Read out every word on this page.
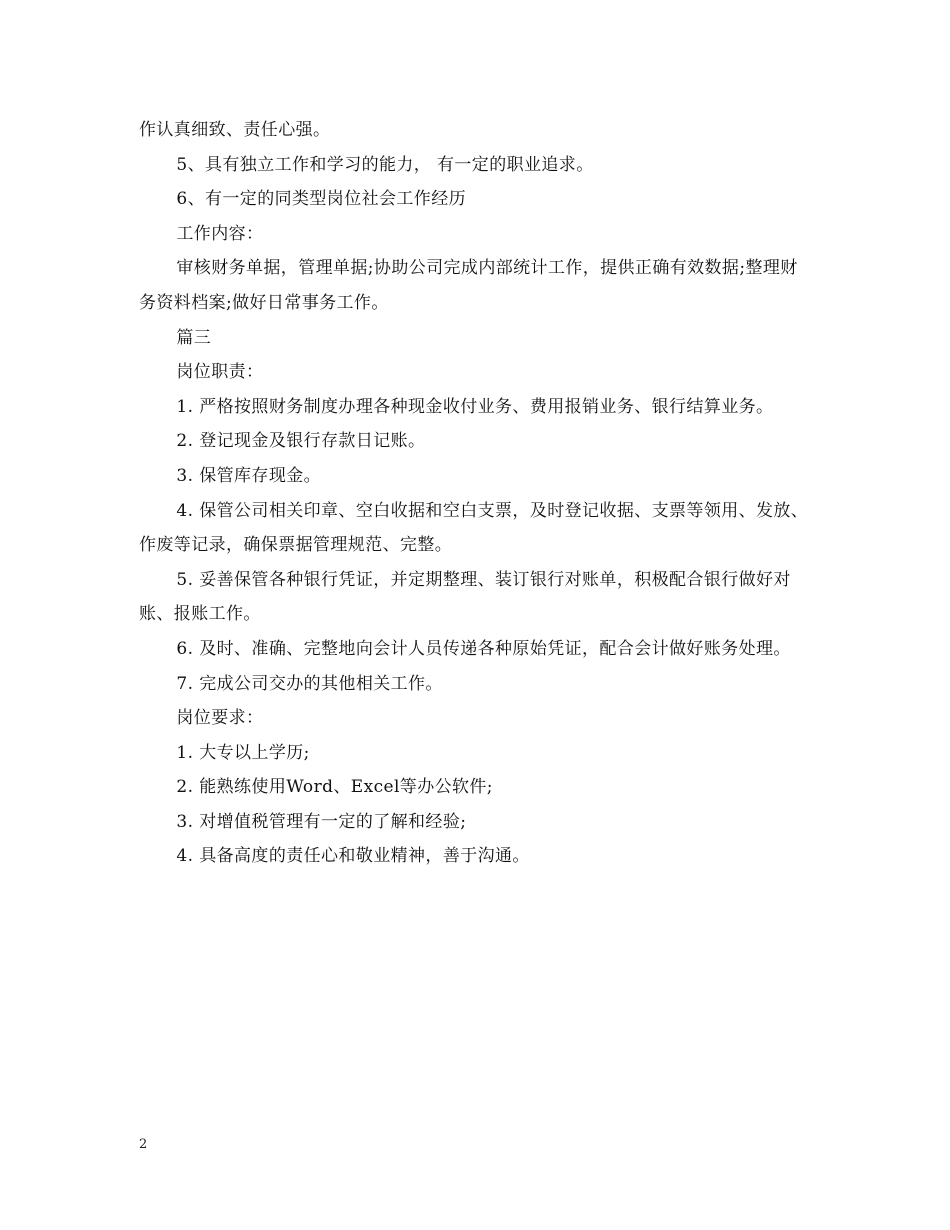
作认真细致、责任心强。

5、具有独立工作和学习的能力， 有一定的职业追求。

6、有一定的同类型岗位社会工作经历

工作内容：

审核财务单据，管理单据;协助公司完成内部统计工作，提供正确有效数据;整理财务资料档案;做好日常事务工作。

篇三

岗位职责：

1. 严格按照财务制度办理各种现金收付业务、费用报销业务、银行结算业务。

2. 登记现金及银行存款日记账。

3. 保管库存现金。

4. 保管公司相关印章、空白收据和空白支票，及时登记收据、支票等领用、发放、作废等记录，确保票据管理规范、完整。

5. 妥善保管各种银行凭证，并定期整理、装订银行对账单，积极配合银行做好对账、报账工作。

6. 及时、准确、完整地向会计人员传递各种原始凭证，配合会计做好账务处理。

7. 完成公司交办的其他相关工作。

岗位要求：

1. 大专以上学历;

2. 能熟练使用Word、Excel等办公软件;

3. 对增值税管理有一定的了解和经验;

4. 具备高度的责任心和敬业精神，善于沟通。

2
